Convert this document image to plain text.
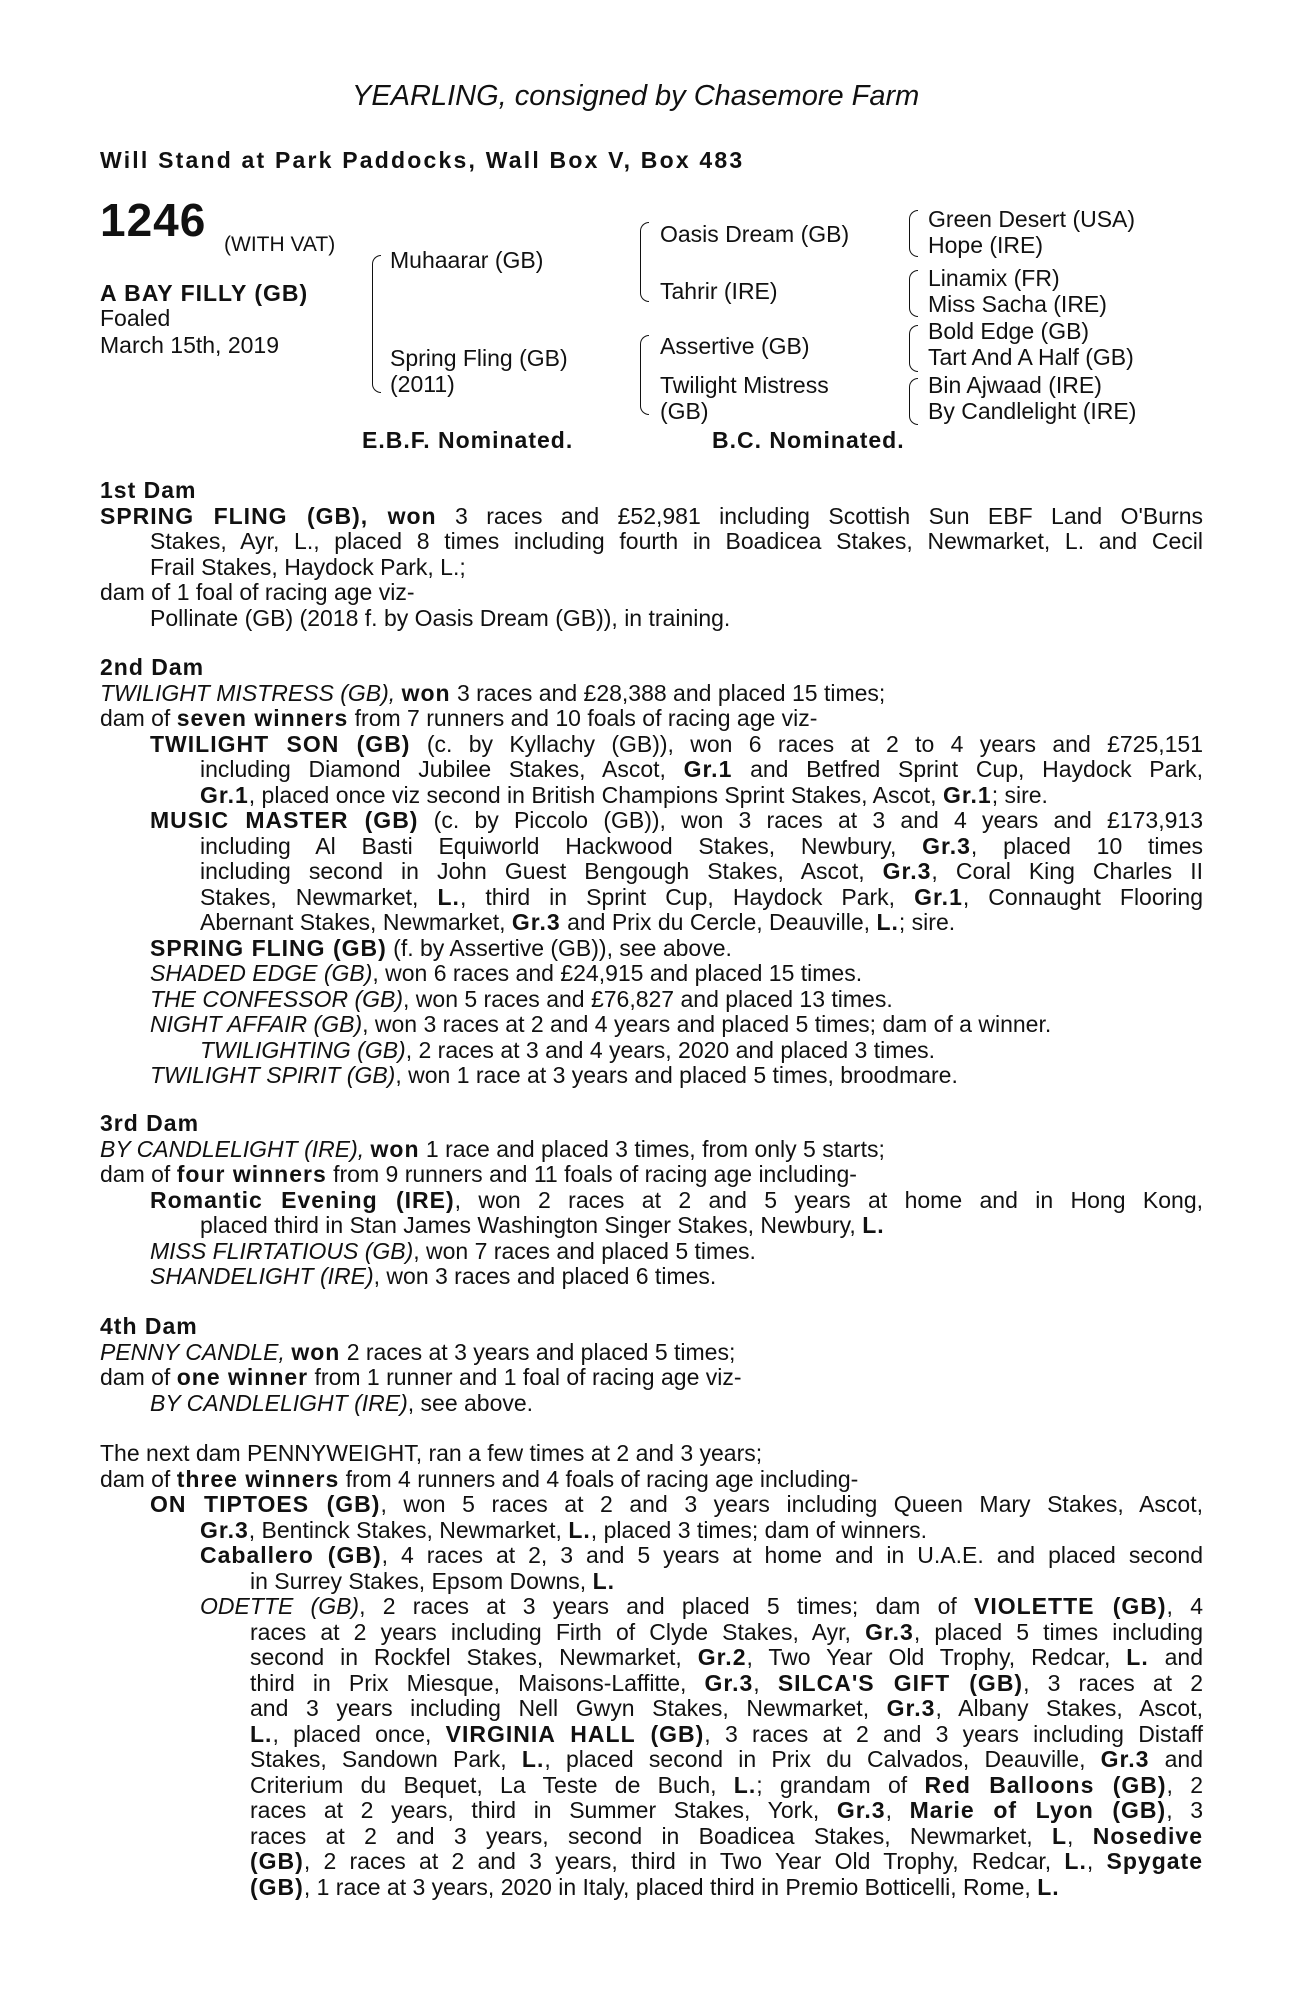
YEARLING, consigned by Chasemore Farm
Will Stand at Park Paddocks, Wall Box V, Box 483
1246 (WITH VAT)
A BAY FILLY (GB)
Foaled
March 15th, 2019
Muhaarar (GB)
Spring Fling (GB)
(2011)
Oasis Dream (GB)
Tahrir (IRE)
Assertive (GB)
Twilight Mistress
(GB)
Green Desert (USA)
Hope (IRE)
Linamix (FR)
Miss Sacha (IRE)
Bold Edge (GB)
Tart And A Half (GB)
Bin Ajwaad (IRE)
By Candlelight (IRE)
E.B.F. Nominated.	B.C. Nominated.
1st Dam
SPRING FLING (GB), won 3 races and £52,981 including Scottish Sun EBF Land O'Burns
Stakes, Ayr, L., placed 8 times including fourth in Boadicea Stakes, Newmarket, L. and Cecil
Frail Stakes, Haydock Park, L.;
dam of 1 foal of racing age viz-
Pollinate (GB) (2018 f. by Oasis Dream (GB)), in training.
2nd Dam
TWILIGHT MISTRESS (GB), won 3 races and £28,388 and placed 15 times;
dam of seven winners from 7 runners and 10 foals of racing age viz-
TWILIGHT SON (GB) (c. by Kyllachy (GB)), won 6 races at 2 to 4 years and £725,151
including Diamond Jubilee Stakes, Ascot, Gr.1 and Betfred Sprint Cup, Haydock Park,
Gr.1, placed once viz second in British Champions Sprint Stakes, Ascot, Gr.1; sire.
MUSIC MASTER (GB) (c. by Piccolo (GB)), won 3 races at 3 and 4 years and £173,913
including Al Basti Equiworld Hackwood Stakes, Newbury, Gr.3, placed 10 times
including second in John Guest Bengough Stakes, Ascot, Gr.3, Coral King Charles II
Stakes, Newmarket, L., third in Sprint Cup, Haydock Park, Gr.1, Connaught Flooring
Abernant Stakes, Newmarket, Gr.3 and Prix du Cercle, Deauville, L.; sire.
SPRING FLING (GB) (f. by Assertive (GB)), see above.
SHADED EDGE (GB), won 6 races and £24,915 and placed 15 times.
THE CONFESSOR (GB), won 5 races and £76,827 and placed 13 times.
NIGHT AFFAIR (GB), won 3 races at 2 and 4 years and placed 5 times; dam of a winner.
TWILIGHTING (GB), 2 races at 3 and 4 years, 2020 and placed 3 times.
TWILIGHT SPIRIT (GB), won 1 race at 3 years and placed 5 times, broodmare.
3rd Dam
BY CANDLELIGHT (IRE), won 1 race and placed 3 times, from only 5 starts;
dam of four winners from 9 runners and 11 foals of racing age including-
Romantic Evening (IRE), won 2 races at 2 and 5 years at home and in Hong Kong,
placed third in Stan James Washington Singer Stakes, Newbury, L.
MISS FLIRTATIOUS (GB), won 7 races and placed 5 times.
SHANDELIGHT (IRE), won 3 races and placed 6 times.
4th Dam
PENNY CANDLE, won 2 races at 3 years and placed 5 times;
dam of one winner from 1 runner and 1 foal of racing age viz-
BY CANDLELIGHT (IRE), see above.
The next dam PENNYWEIGHT, ran a few times at 2 and 3 years;
dam of three winners from 4 runners and 4 foals of racing age including-
ON TIPTOES (GB), won 5 races at 2 and 3 years including Queen Mary Stakes, Ascot,
Gr.3, Bentinck Stakes, Newmarket, L., placed 3 times; dam of winners.
Caballero (GB), 4 races at 2, 3 and 5 years at home and in U.A.E. and placed second
in Surrey Stakes, Epsom Downs, L.
ODETTE (GB), 2 races at 3 years and placed 5 times; dam of VIOLETTE (GB), 4
races at 2 years including Firth of Clyde Stakes, Ayr, Gr.3, placed 5 times including
second in Rockfel Stakes, Newmarket, Gr.2, Two Year Old Trophy, Redcar, L. and
third in Prix Miesque, Maisons-Laffitte, Gr.3, SILCA'S GIFT (GB), 3 races at 2
and 3 years including Nell Gwyn Stakes, Newmarket, Gr.3, Albany Stakes, Ascot,
L., placed once, VIRGINIA HALL (GB), 3 races at 2 and 3 years including Distaff
Stakes, Sandown Park, L., placed second in Prix du Calvados, Deauville, Gr.3 and
Criterium du Bequet, La Teste de Buch, L.; grandam of Red Balloons (GB), 2
races at 2 years, third in Summer Stakes, York, Gr.3, Marie of Lyon (GB), 3
races at 2 and 3 years, second in Boadicea Stakes, Newmarket, L, Nosedive
(GB), 2 races at 2 and 3 years, third in Two Year Old Trophy, Redcar, L., Spygate
(GB), 1 race at 3 years, 2020 in Italy, placed third in Premio Botticelli, Rome, L.
